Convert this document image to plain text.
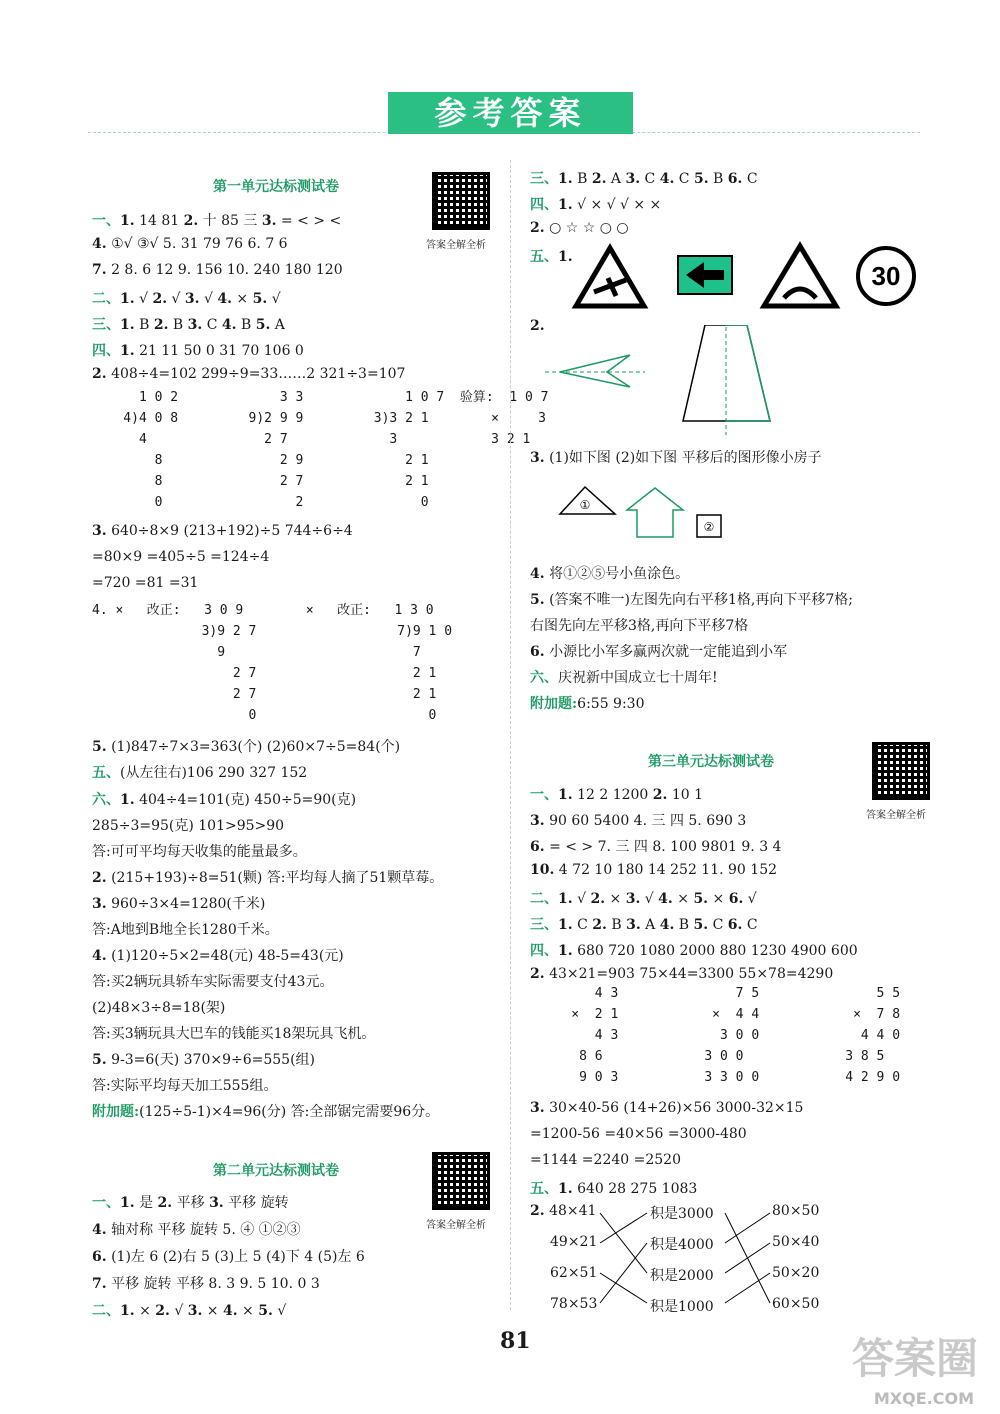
参考答案
第一单元达标测试卷
答案全解全析
一、1. 14 81 2. 十 85 三 3. = < > <
4. ①√ ③√ 5. 31 79 76 6. 7 6
7. 2 8. 6 12 9. 156 10. 240 180 120
二、1. √ 2. √ 3. √ 4. × 5. √
三、1. B 2. B 3. C 4. B 5. A
四、1. 21 11 50 0 31 70 106 0
2. 408÷4=102 299÷9=33……2 321÷3=107
1 0 2             3 3             1 0 7  验算:  1 0 7
4)4 0 8         9)2 9 9         3)3 2 1        ×     3
4               2 7             3            3 2 1
8               2 9             2 1
8               2 7             2 1
0                 2               0
3. 640÷8×9 (213+192)÷5 744÷6÷4
=80×9 =405÷5 =124÷4
=720 =81 =31
4. ×   改正:   3 0 9        ×   改正:   1 3 0
3)9 2 7                  7)9 1 0
9                        7
2 7                    2 1
2 7                    2 1
0                      0
5. (1)847÷7×3=363(个) (2)60×7÷5=84(个)
五、(从左往右)106 290 327 152
六、1. 404÷4=101(克) 450÷5=90(克)
285÷3=95(克) 101>95>90
答:可可平均每天收集的能量最多。
2. (215+193)÷8=51(颗) 答:平均每人摘了51颗草莓。
3. 960÷3×4=1280(千米)
答:A地到B地全长1280千米。
4. (1)120÷5×2=48(元) 48-5=43(元)
答:买2辆玩具轿车实际需要支付43元。
(2)48×3÷8=18(架)
答:买3辆玩具大巴车的钱能买18架玩具飞机。
5. 9-3=6(天) 370×9÷6=555(组)
答:实际平均每天加工555组。
附加题:(125÷5-1)×4=96(分) 答:全部锯完需要96分。
第二单元达标测试卷
答案全解全析
一、1. 是 2. 平移 3. 平移 旋转
4. 轴对称 平移 旋转 5. ④ ①②③
6. (1)左 6 (2)右 5 (3)上 5 (4)下 4 (5)左 6
7. 平移 旋转 平移 8. 3 9. 5 10. 0 3
二、1. × 2. √ 3. × 4. × 5. √
三、1. B 2. A 3. C 4. C 5. B 6. C
四、1. √ × √ √ × ×
2. ○ ☆ ☆ ○ ○
五、1.
30
2.
3. (1)如下图 (2)如下图 平移后的图形像小房子
①
②
4. 将①②⑤号小鱼涂色。
5. (答案不唯一)左图先向右平移1格,再向下平移7格;
右图先向左平移3格,再向下平移7格
6. 小源比小军多赢两次就一定能追到小军
六、庆祝新中国成立七十周年!
附加题:6:55 9:30
第三单元达标测试卷
答案全解全析
一、1. 12 2 1200 2. 10 1
3. 90 60 5400 4. 三 四 5. 690 3
6. = < > 7. 三 四 8. 100 9801 9. 3 4
10. 4 72 10 180 14 252 11. 90 152
二、1. √ 2. × 3. √ 4. × 5. × 6. √
三、1. C 2. B 3. A 4. B 5. C 6. C
四、1. 680 720 1080 2000 880 1230 4900 600
2. 43×21=903 75×44=3300 55×78=4290
4 3               7 5               5 5
×  2 1            ×  4 4            ×  7 8
4 3             3 0 0             4 4 0
8 6             3 0 0             3 8 5
9 0 3           3 3 0 0           4 2 9 0
3. 30×40-56 (14+26)×56 3000-32×15
=1200-56 =40×56 =3000-480
=1144 =2240 =2520
五、1. 640 28 275 1083
2. 48×41
49×21
62×51
78×53
积是3000
积是4000
积是2000
积是1000
80×50
50×40
50×20
60×50
81	答案圈
MXQE.COM
